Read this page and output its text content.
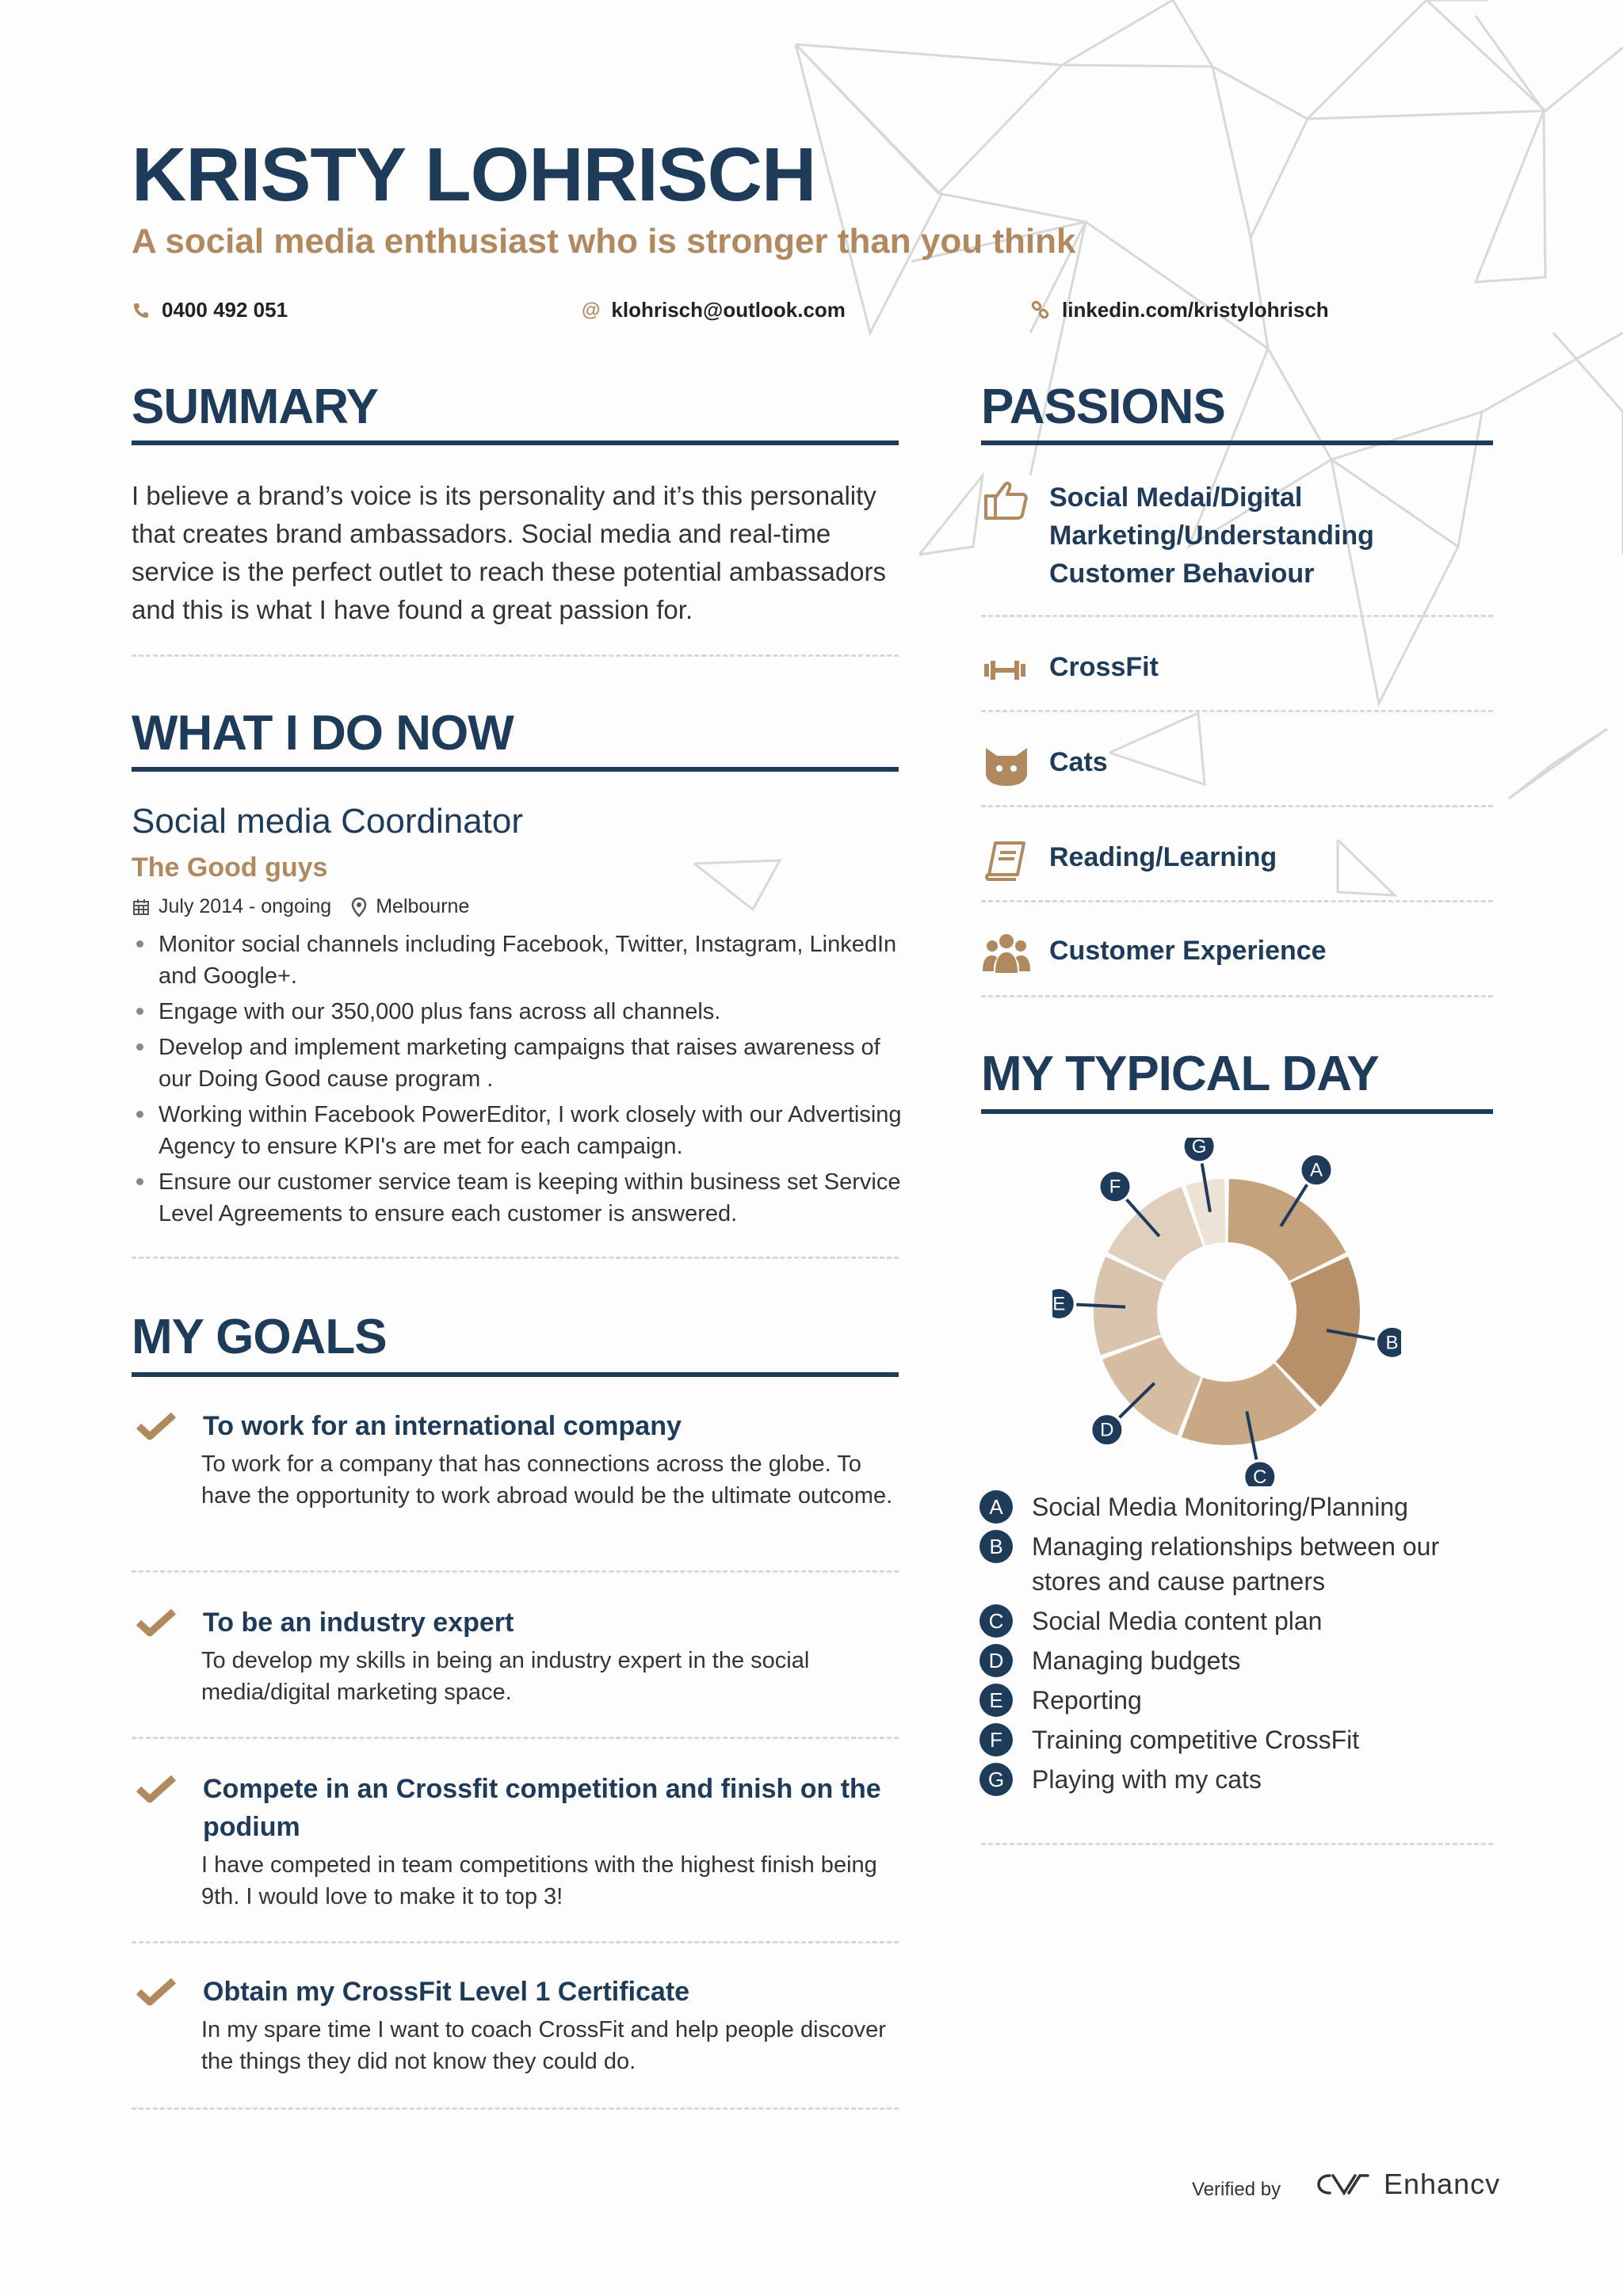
KRISTY LOHRISCH
A social media enthusiast who is stronger than you think
0400 492 051	@ klohrisch@outlook.com	linkedin.com/kristylohrisch
SUMMARY
I believe a brand’s voice is its personality and it’s this personality that creates brand ambassadors. Social media and real-time service is the perfect outlet to reach these potential ambassadors and this is what I have found a great passion for.
WHAT I DO NOW
Social media Coordinator
The Good guys
July 2014 - ongoing Melbourne
Monitor social channels including Facebook, Twitter, Instagram, LinkedIn and Google+.
Engage with our 350,000 plus fans across all channels.
Develop and implement marketing campaigns that raises awareness of our Doing Good cause program .
Working within Facebook PowerEditor, I work closely with our Advertising Agency to ensure KPI's are met for each campaign.
Ensure our customer service team is keeping within business set Service Level Agreements to ensure each customer is answered.
MY GOALS
To work for an international company
To work for a company that has connections across the globe. To have the opportunity to work abroad would be the ultimate outcome.
To be an industry expert
To develop my skills in being an industry expert in the social media/digital marketing space.
Compete in an Crossfit competition and finish on the podium
I have competed in team competitions with the highest finish being 9th. I would love to make it to top 3!
Obtain my CrossFit Level 1 Certificate
In my spare time I want to coach CrossFit and help people discover the things they did not know they could do.
PASSIONS
Social Medai/Digital Marketing/Understanding Customer Behaviour
CrossFit
Cats
Reading/Learning
Customer Experience
MY TYPICAL DAY
A
B
C
D
E
F
G
A	Social Media Monitoring/Planning
B	Managing relationships between our stores and cause partners
C	Social Media content plan
D	Managing budgets
E	Reporting
F	Training competitive CrossFit
G	Playing with my cats
Verified by	Enhancv
